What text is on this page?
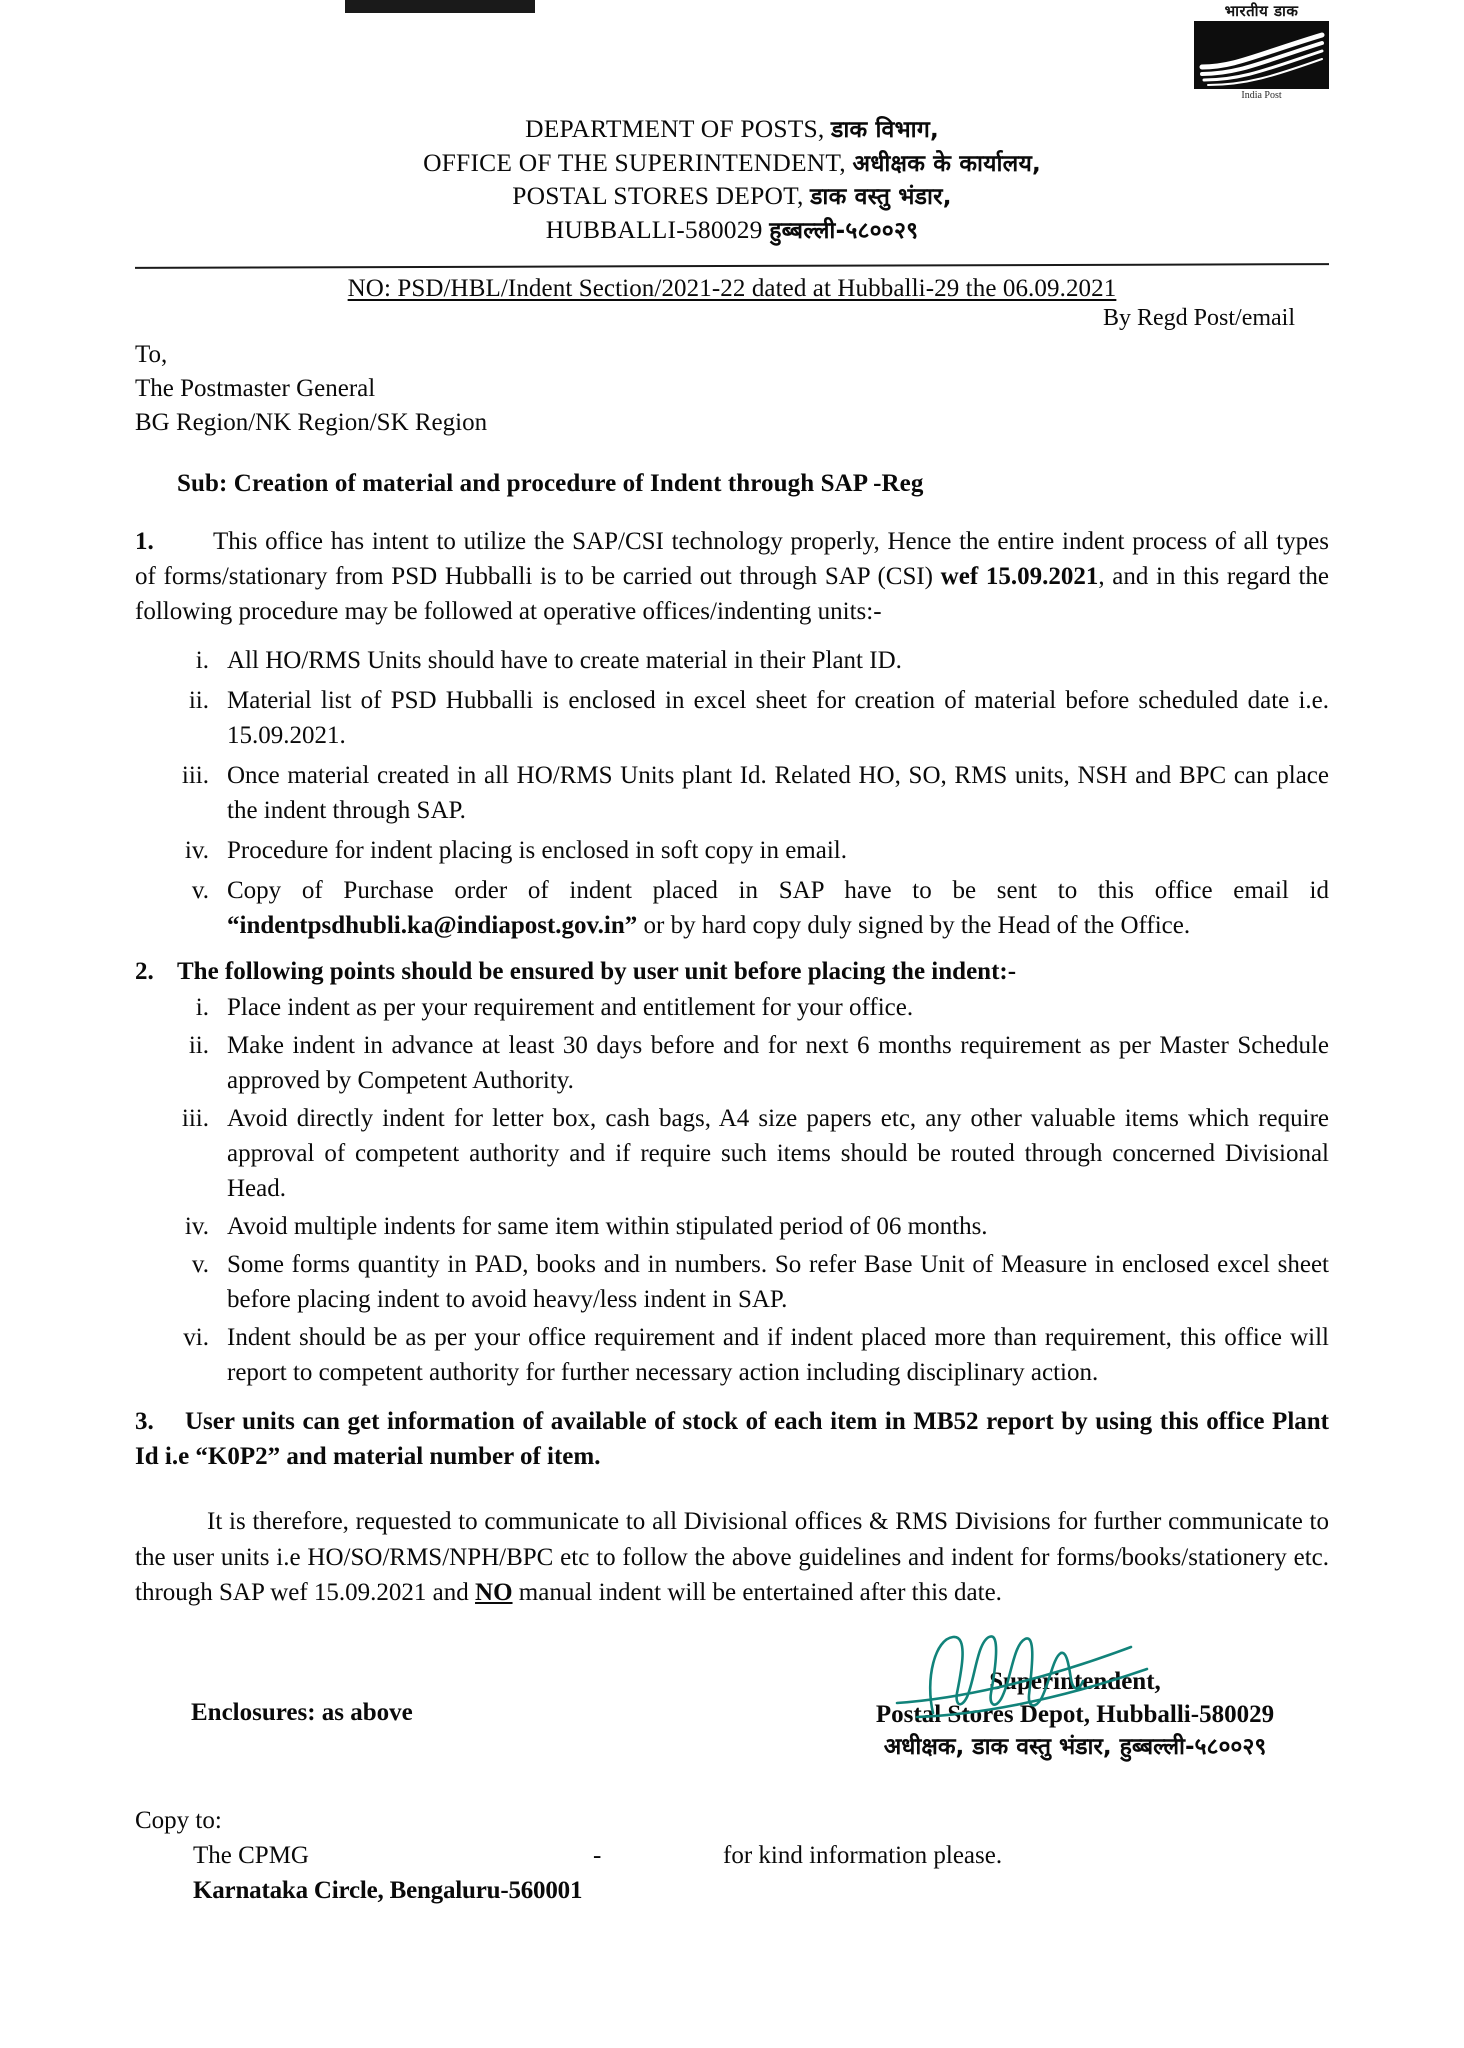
भारतीय डाक
India Post
DEPARTMENT OF POSTS, डाक विभाग,
OFFICE OF THE SUPERINTENDENT, अधीक्षक के कार्यालय,
POSTAL STORES DEPOT, डाक वस्तु भंडार,
HUBBALLI-580029 हुब्बल्ली-५८००२९
NO: PSD/HBL/Indent Section/2021-22 dated at Hubballi-29 the 06.09.2021
By Regd Post/email
To,
The Postmaster General
BG Region/NK Region/SK Region
Sub: Creation of material and procedure of Indent through SAP -Reg
1.	This office has intent to utilize the SAP/CSI technology properly, Hence the entire indent process of all types of forms/stationary from PSD Hubballi is to be carried out through SAP (CSI) wef 15.09.2021, and in this regard the following procedure may be followed at operative offices/indenting units:-
i. All HO/RMS Units should have to create material in their Plant ID.
ii. Material list of PSD Hubballi is enclosed in excel sheet for creation of material before scheduled date i.e. 15.09.2021.
iii. Once material created in all HO/RMS Units plant Id. Related HO, SO, RMS units, NSH and BPC can place the indent through SAP.
iv. Procedure for indent placing is enclosed in soft copy in email.
v. Copy of Purchase order of indent placed in SAP have to be sent to this office email id “indentpsdhubli.ka@indiapost.gov.in” or by hard copy duly signed by the Head of the Office.
2. The following points should be ensured by user unit before placing the indent:-
i. Place indent as per your requirement and entitlement for your office.
ii. Make indent in advance at least 30 days before and for next 6 months requirement as per Master Schedule approved by Competent Authority.
iii. Avoid directly indent for letter box, cash bags, A4 size papers etc, any other valuable items which require approval of competent authority and if require such items should be routed through concerned Divisional Head.
iv. Avoid multiple indents for same item within stipulated period of 06 months.
v. Some forms quantity in PAD, books and in numbers. So refer Base Unit of Measure in enclosed excel sheet before placing indent to avoid heavy/less indent in SAP.
vi. Indent should be as per your office requirement and if indent placed more than requirement, this office will report to competent authority for further necessary action including disciplinary action.
3.	User units can get information of available of stock of each item in MB52 report by using this office Plant Id i.e “K0P2” and material number of item.
It is therefore, requested to communicate to all Divisional offices & RMS Divisions for further communicate to the user units i.e HO/SO/RMS/NPH/BPC etc to follow the above guidelines and indent for forms/books/stationery etc. through SAP wef 15.09.2021 and NO manual indent will be entertained after this date.
Enclosures: as above
Superintendent,
Postal Stores Depot, Hubballi-580029
अधीक्षक, डाक वस्तु भंडार, हुब्बल्ली-५८००२९
Copy to:
The CPMG	-	for kind information please.
Karnataka Circle, Bengaluru-560001
